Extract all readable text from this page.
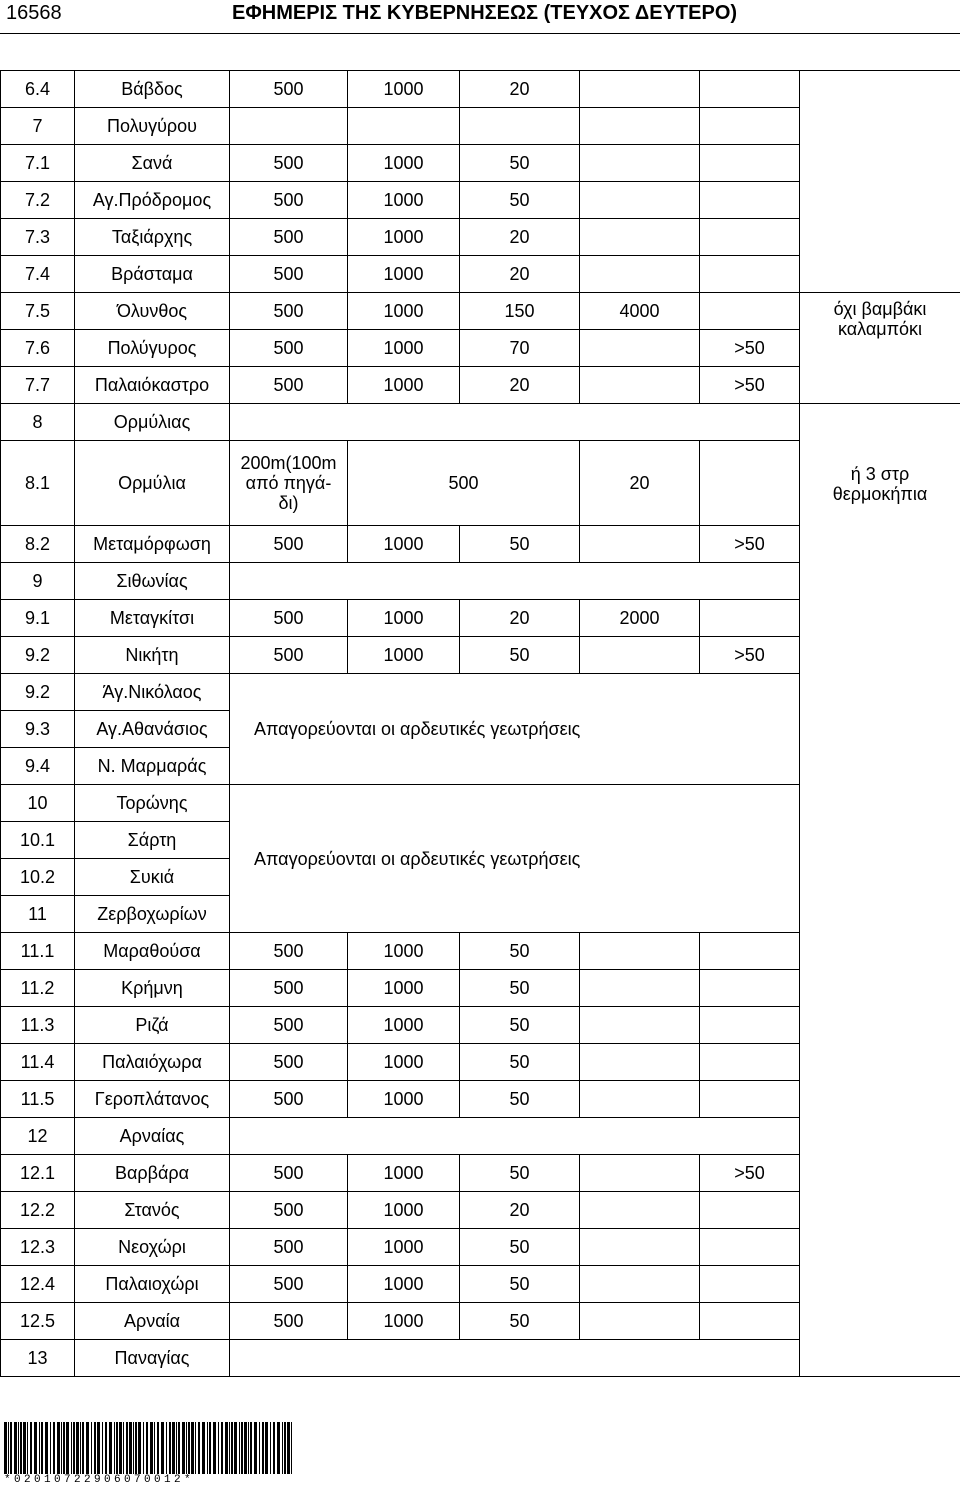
16568	ΕΦΗΜΕΡΙΣ ΤΗΣ ΚΥΒΕΡΝΗΣΕΩΣ (ΤΕΥΧΟΣ ΔΕΥΤΕΡΟ)
6.4	Βάβδος	500	1000	20			
7	Πολυγύρου						
7.1	Σανά	500	1000	50			
7.2	Αγ.Πρόδρομος	500	1000	50			
7.3	Ταξιάρχης	500	1000	20			
7.4	Βράσταμα	500	1000	20			
7.5	Όλυνθος	500	1000	150	4000		όχι βαμβάκι
καλαμπόκι

7.6	Πολύγυρος	500	1000	70		>50	
7.7	Παλαιόκαστρο	500	1000	20		>50	
8	Ορμύλιας						ή 3 στρ
θερμοκήπια

8.1	Ορμύλια	200m(100m
από πηγά-
δι)	500		20		
8.2	Μεταμόρφωση	500	1000	50		>50	
9	Σιθωνίας						
9.1	Μεταγκίτσι	500	1000	20	2000		
9.2	Νικήτη	500	1000	50		>50	
9.2	Άγ.Νικόλαος	Απαγορεύονται οι αρδευτικές γεωτρήσεις					
9.3	Αγ.Αθανάσιος						
9.4	Ν. Μαρμαράς						
10	Τορώνης	Απαγορεύονται οι αρδευτικές γεωτρήσεις					
10.1	Σάρτη						
10.2	Συκιά						
11	Ζερβοχωρίων						
11.1	Μαραθούσα	500	1000	50			
11.2	Κρήμνη	500	1000	50			
11.3	Ριζά	500	1000	50			
11.4	Παλαιόχωρα	500	1000	50			
11.5	Γεροπλάτανος	500	1000	50			
12	Αρναίας						
12.1	Βαρβάρα	500	1000	50		>50	
12.2	Στανός	500	1000	20			
12.3	Νεοχώρι	500	1000	50			
12.4	Παλαιοχώρι	500	1000	50			
12.5	Αρναία	500	1000	50			
13	Παναγίας						
*02010722906070012*
